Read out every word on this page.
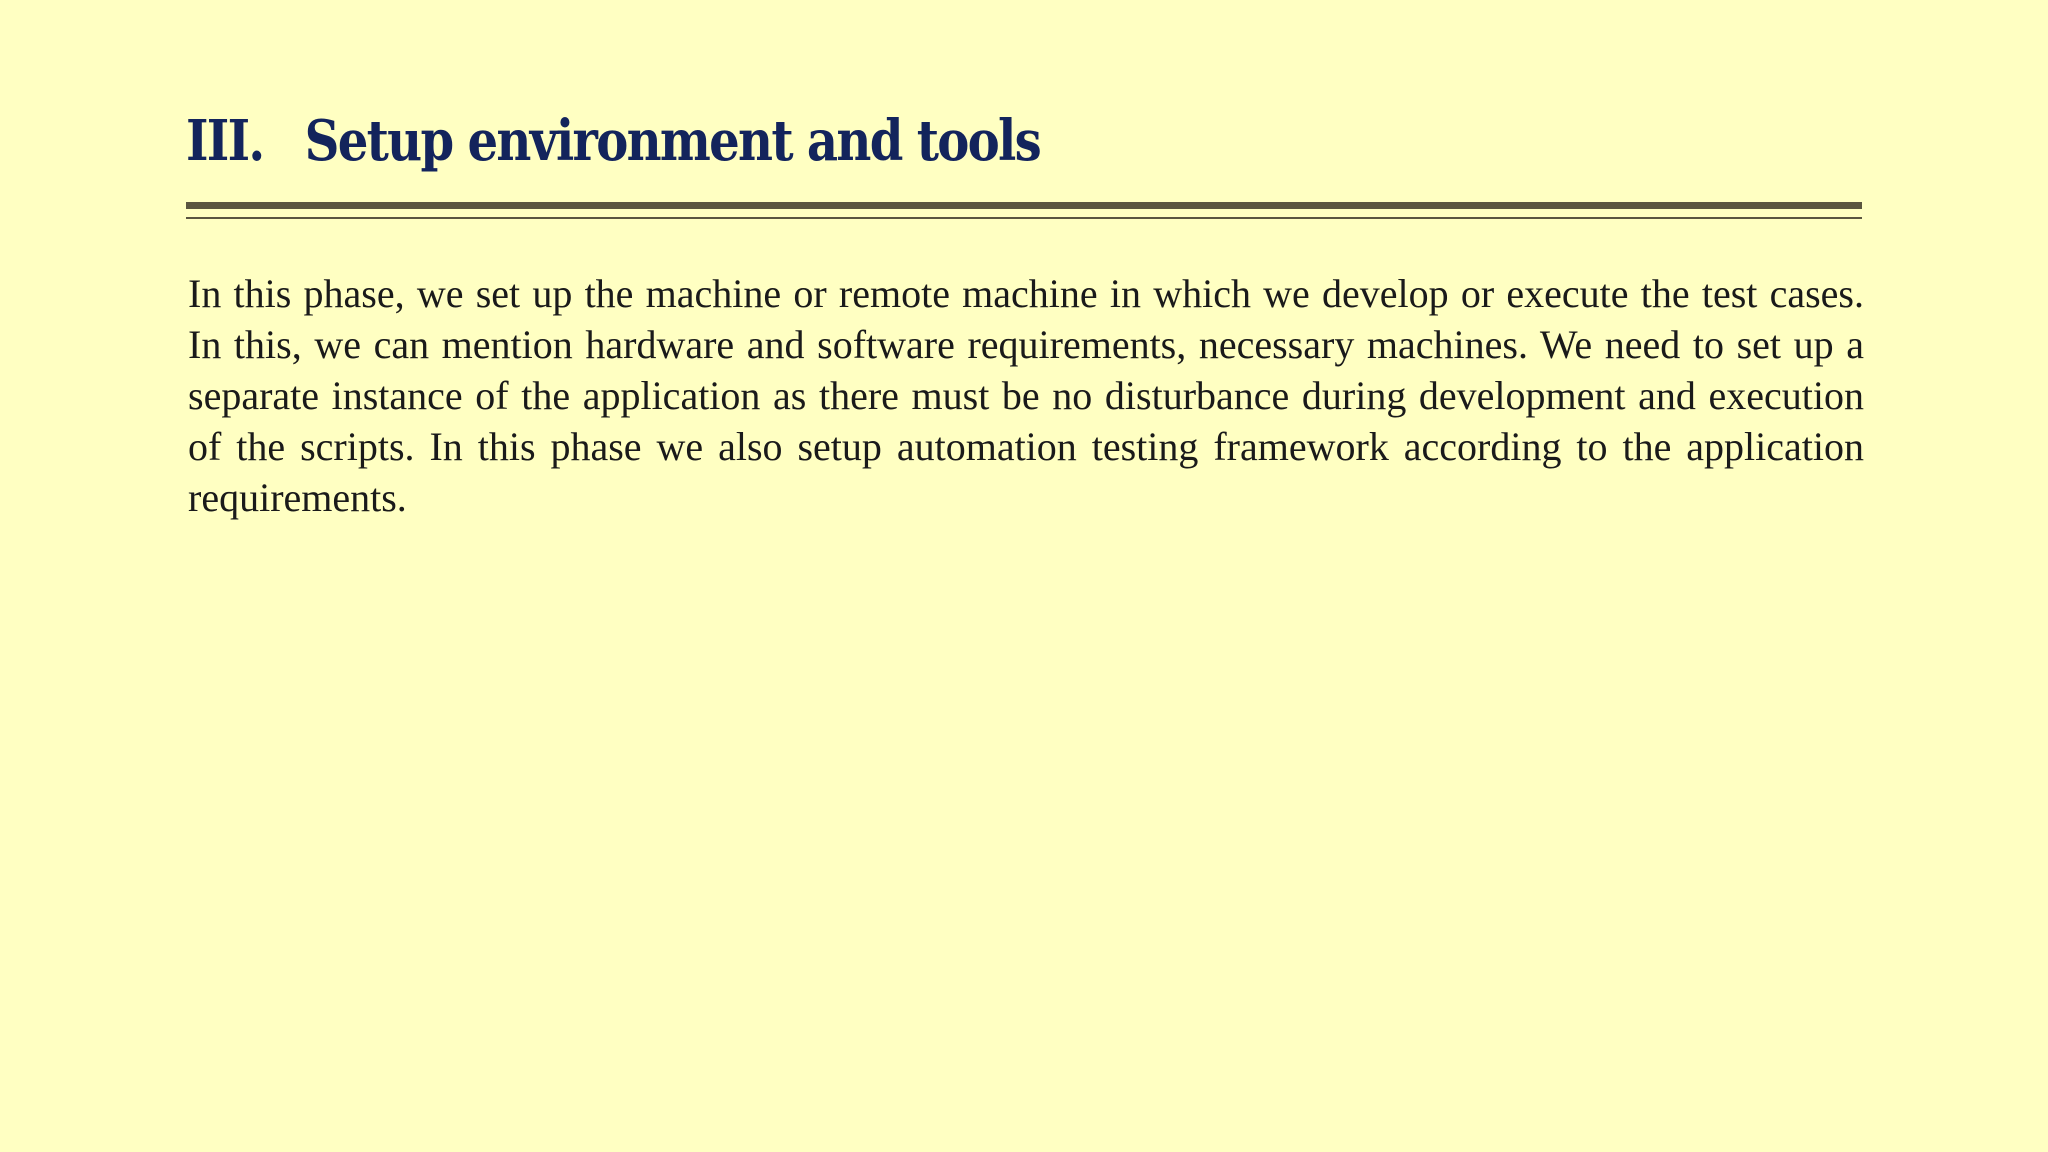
III. Setup environment and tools

In this phase, we set up the machine or remote machine in which we develop or execute the test cases. In this, we can mention hardware and software requirements, necessary machines. We need to set up a separate instance of the application as there must be no disturbance during development and execution of the scripts. In this phase we also setup automation testing framework according to the application requirements.
